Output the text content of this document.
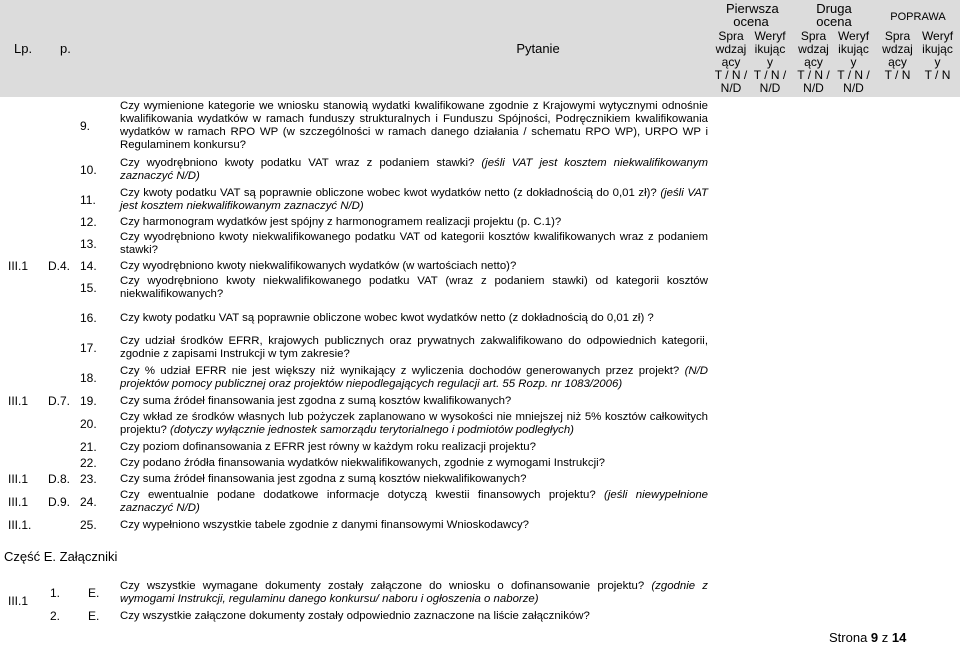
Lp.	p.	Pytanie	
Pierwsza ocena
Spra wdzaj ący
T / N / N/D
Weryf ikując y
T / N / N/D

Druga ocena
Spra wdzaj ący
T / N / N/D
Weryf ikując y
T / N / N/D

POPRAWA
Spra wdzaj ący
T / N
Weryf ikując y
T / N
		9.	Czy wymienione kategorie we wniosku stanowią wydatki kwalifikowane zgodnie z Krajowymi wytycznymi odnośnie kwalifikowania wydatków w ramach funduszy strukturalnych i Funduszu Spójności, Podręcznikiem kwalifikowania wydatków w ramach RPO WP (w szczególności w ramach danego działania / schematu RPO WP), URPO WP i Regulaminem konkursu?						
		10.	Czy wyodrębniono kwoty podatku VAT wraz z podaniem stawki? (jeśli VAT jest kosztem niekwalifikowanym zaznaczyć N/D)						
		11.	Czy kwoty podatku VAT są poprawnie obliczone wobec kwot wydatków netto (z dokładnością do 0,01 zł)? (jeśli VAT jest kosztem niekwalifikowanym zaznaczyć N/D)						
		12.	Czy harmonogram wydatków jest spójny z harmonogramem realizacji projektu (p. C.1)?						
		13.	Czy wyodrębniono kwoty niekwalifikowanego podatku VAT od kategorii kosztów kwalifikowanych wraz z podaniem stawki?						
III.1	D.4.	14.	Czy wyodrębniono kwoty niekwalifikowanych wydatków (w wartościach netto)?						
		15.	Czy wyodrębniono kwoty niekwalifikowanego podatku VAT (wraz z podaniem stawki) od kategorii kosztów niekwalifikowanych?						
		16.	Czy kwoty podatku VAT są poprawnie obliczone wobec kwot wydatków netto (z dokładnością do 0,01 zł) ?						
		17.	Czy udział środków EFRR, krajowych publicznych oraz prywatnych zakwalifikowano do odpowiednich kategorii, zgodnie z zapisami Instrukcji w tym zakresie?						
		18.	Czy % udział EFRR nie jest większy niż wynikający z wyliczenia dochodów generowanych przez projekt? (N/D projektów pomocy publicznej oraz projektów niepodlegających regulacji art. 55 Rozp. nr 1083/2006)						
III.1	D.7.	19.	Czy suma źródeł finansowania jest zgodna z sumą kosztów kwalifikowanych?						
		20.	Czy wkład ze środków własnych lub pożyczek zaplanowano w wysokości nie mniejszej niż 5% kosztów całkowitych projektu? (dotyczy wyłącznie jednostek samorządu terytorialnego i podmiotów podległych)						
		21.	Czy poziom dofinansowania z EFRR jest równy w każdym roku realizacji projektu?						
		22.	Czy podano źródła finansowania wydatków niekwalifikowanych, zgodnie z wymogami Instrukcji?						
III.1	D.8.	23.	Czy suma źródeł finansowania jest zgodna z sumą kosztów niekwalifikowanych?						
III.1	D.9.	24.	Czy ewentualnie podane dodatkowe informacje dotyczą kwestii finansowych projektu? (jeśli niewypełnione zaznaczyć N/D)						
III.1.		25.	Czy wypełniono wszystkie tabele zgodnie z danymi finansowymi Wnioskodawcy?						
Część E. Załączniki
III.1	1.	E.	Czy wszystkie wymagane dokumenty zostały załączone do wniosku o dofinansowanie projektu? (zgodnie z wymogami Instrukcji, regulaminu danego konkursu/ naboru i ogłoszenia o naborze)						
	2.	E.	Czy wszystkie załączone dokumenty zostały odpowiednio zaznaczone na liście załączników?						
Strona 9 z 14
